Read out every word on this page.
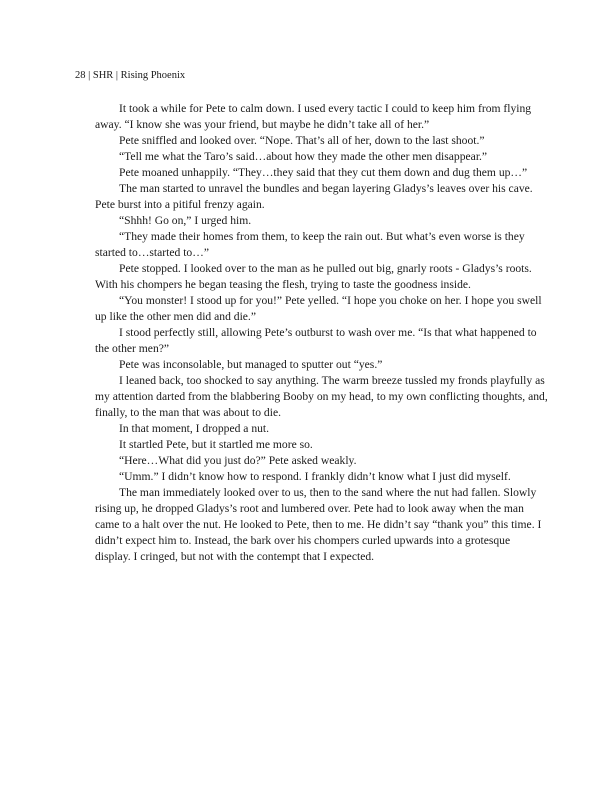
28 | SHR | Rising Phoenix

It took a while for Pete to calm down. I used every tactic I could to keep him from flying away. “I know she was your friend, but maybe he didn’t take all of her.”

Pete sniffled and looked over. “Nope. That’s all of her, down to the last shoot.”

“Tell me what the Taro’s said…about how they made the other men disappear.”

Pete moaned unhappily. “They…they said that they cut them down and dug them up…”

The man started to unravel the bundles and began layering Gladys’s leaves over his cave. Pete burst into a pitiful frenzy again.

“Shhh! Go on,” I urged him.

“They made their homes from them, to keep the rain out. But what’s even worse is they started to…started to…”

Pete stopped. I looked over to the man as he pulled out big, gnarly roots - Gladys’s roots. With his chompers he began teasing the flesh, trying to taste the goodness inside.

“You monster! I stood up for you!” Pete yelled. “I hope you choke on her. I hope you swell up like the other men did and die.”

I stood perfectly still, allowing Pete’s outburst to wash over me. “Is that what happened to the other men?”

Pete was inconsolable, but managed to sputter out “yes.”

I leaned back, too shocked to say anything. The warm breeze tussled my fronds playfully as my attention darted from the blabbering Booby on my head, to my own conflicting thoughts, and, finally, to the man that was about to die.

In that moment, I dropped a nut.

It startled Pete, but it startled me more so.

“Here…What did you just do?” Pete asked weakly.

“Umm.” I didn’t know how to respond. I frankly didn’t know what I just did myself.

The man immediately looked over to us, then to the sand where the nut had fallen. Slowly rising up, he dropped Gladys’s root and lumbered over. Pete had to look away when the man came to a halt over the nut. He looked to Pete, then to me. He didn’t say “thank you” this time. I didn’t expect him to. Instead, the bark over his chompers curled upwards into a grotesque display. I cringed, but not with the contempt that I expected.
